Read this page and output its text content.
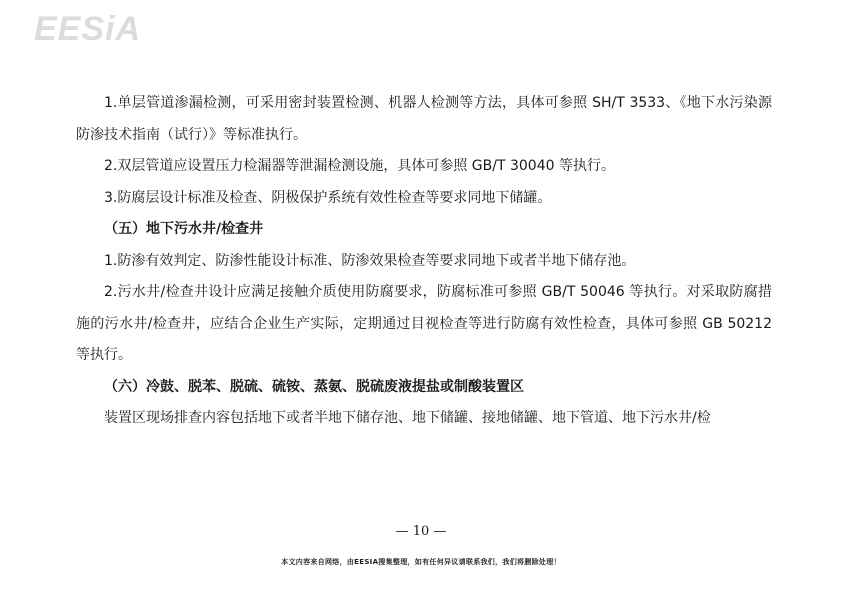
EESiA

1.单层管道渗漏检测，可采用密封装置检测、机器人检测等方法，具体可参照 SH/T 3533、《地下水污染源防渗技术指南（试行）》等标准执行。

2.双层管道应设置压力检漏器等泄漏检测设施，具体可参照 GB/T 30040 等执行。

3.防腐层设计标准及检查、阴极保护系统有效性检查等要求同地下储罐。

（五）地下污水井/检查井

1.防渗有效判定、防渗性能设计标准、防渗效果检查等要求同地下或者半地下储存池。

2.污水井/检查井设计应满足接触介质使用防腐要求，防腐标准可参照 GB/T 50046 等执行。对采取防腐措施的污水井/检查井，应结合企业生产实际，定期通过目视检查等进行防腐有效性检查，具体可参照 GB 50212 等执行。

（六）冷鼓、脱苯、脱硫、硫铵、蒸氨、脱硫废液提盐或制酸装置区

装置区现场排查内容包括地下或者半地下储存池、地下储罐、接地储罐、地下管道、地下污水井/检

— 10 —
本文内容来自网络，由EESIA搜集整理，如有任何异议请联系我们，我们将删除处理！
